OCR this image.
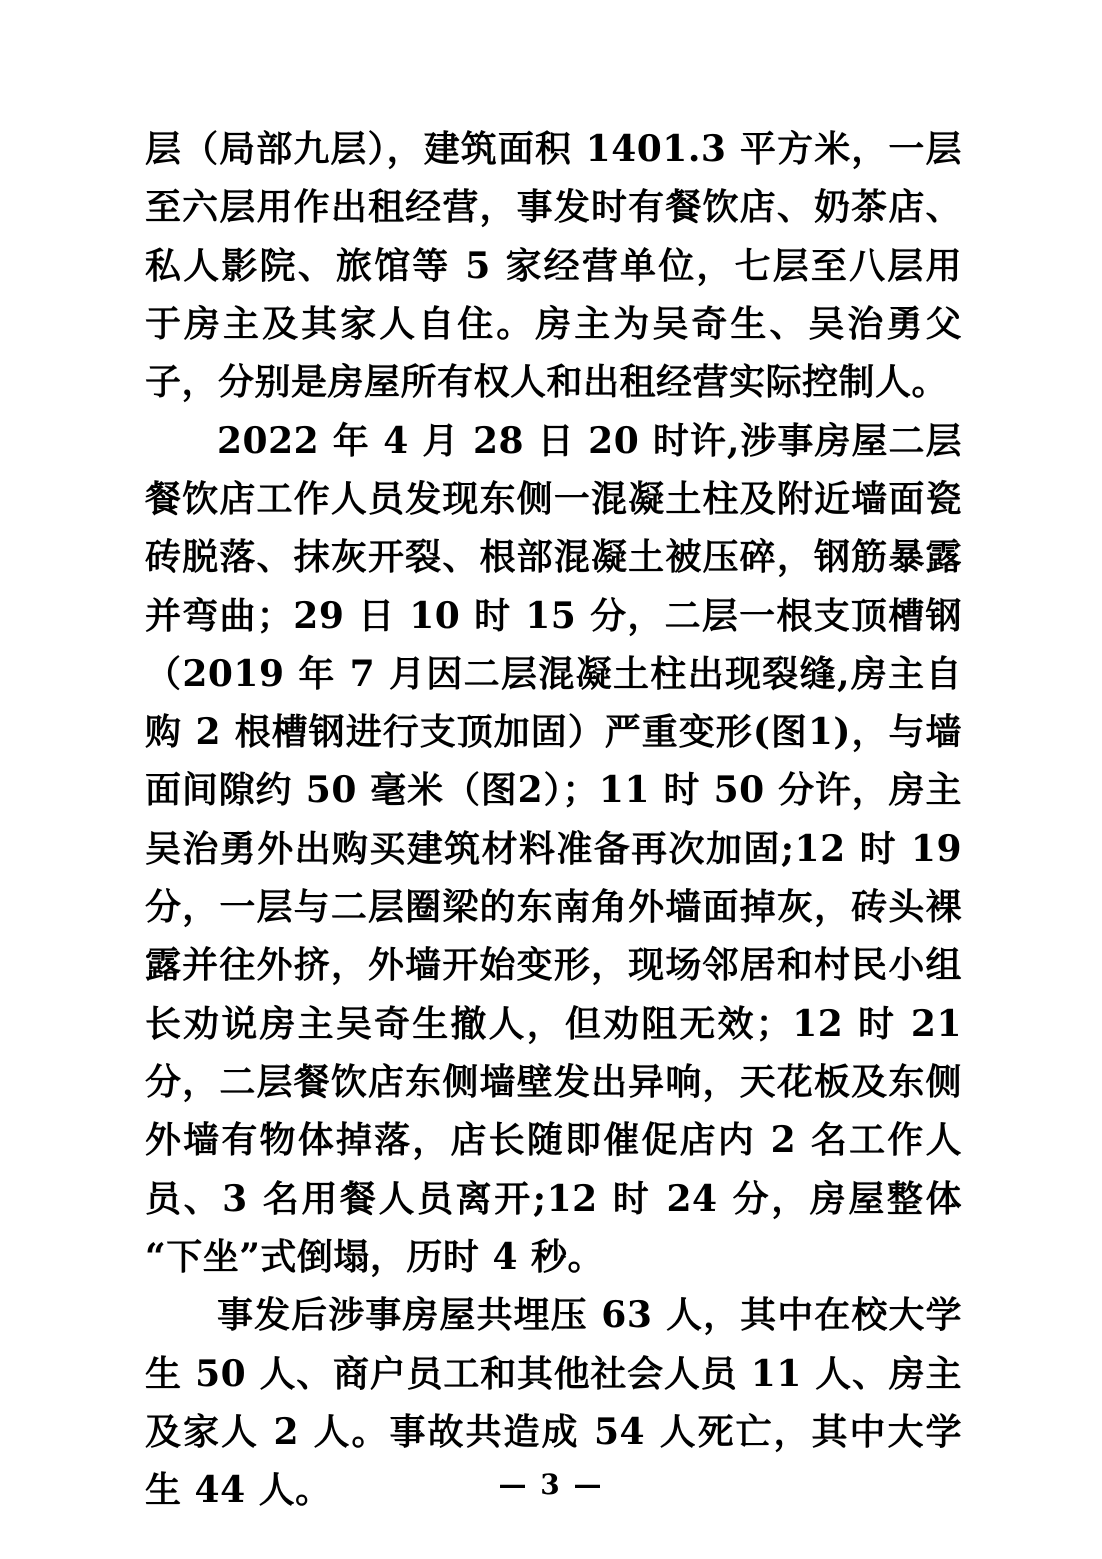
层（局部九层），建筑面积 1401.3 平方米，一层至六层用作出租经营，事发时有餐饮店、奶茶店、私人影院、旅馆等 5 家经营单位，七层至八层用于房主及其家人自住。房主为吴奇生、吴治勇父子，分别是房屋所有权人和出租经营实际控制人。

2022 年 4 月 28 日 20 时许,涉事房屋二层餐饮店工作人员发现东侧一混凝土柱及附近墙面瓷砖脱落、抹灰开裂、根部混凝土被压碎，钢筋暴露并弯曲；29 日 10 时 15 分，二层一根支顶槽钢（2019 年 7 月因二层混凝土柱出现裂缝,房主自购 2 根槽钢进行支顶加固）严重变形(图1)，与墙面间隙约 50 毫米（图2）；11 时 50 分许，房主吴治勇外出购买建筑材料准备再次加固;12 时 19 分，一层与二层圈梁的东南角外墙面掉灰，砖头裸露并往外挤，外墙开始变形，现场邻居和村民小组长劝说房主吴奇生撤人，但劝阻无效；12 时 21 分，二层餐饮店东侧墙壁发出异响，天花板及东侧外墙有物体掉落，店长随即催促店内 2 名工作人员、3 名用餐人员离开;12 时 24 分，房屋整体“下坐”式倒塌，历时 4 秒。

事发后涉事房屋共埋压 63 人，其中在校大学生 50 人、商户员工和其他社会人员 11 人、房主及家人 2 人。事故共造成 54 人死亡，其中大学生 44 人。	— 3 —
